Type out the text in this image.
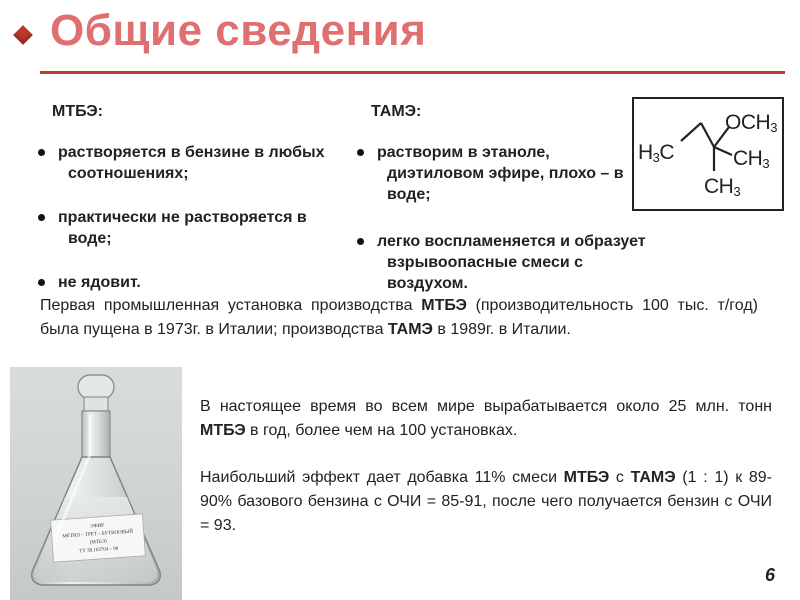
Общие сведения
МТБЭ:
растворяется в бензине в любых соотношениях;
практически не растворяется в воде;
не ядовит.
ТАМЭ:
растворим в этаноле, диэтиловом эфире, плохо – в воде;
легко воспламеняется и образует взрывоопасные смеси с воздухом.
$H_3C$
$OCH_3$
$CH_3$
$CH_3$
Первая промышленная установка производства МТБЭ (производительность 100 тыс. т/год) была пущена в 1973г. в Италии; производства ТАМЭ в 1989г. в Италии.
ЭФИР
МЕТИЛ – ТРЕТ – БУТИЛОВЫЙ
(МТБЭ)
ТУ 38.103704 – 90
В настоящее время во всем мире вырабатывается около 25 млн. тонн МТБЭ в год, более чем на 100 установках.
Наибольший эффект дает добавка 11% смеси МТБЭ с ТАМЭ (1 : 1) к 89-90% базового бензина с ОЧИ = 85-91, после чего получается бензин с ОЧИ = 93.
6
